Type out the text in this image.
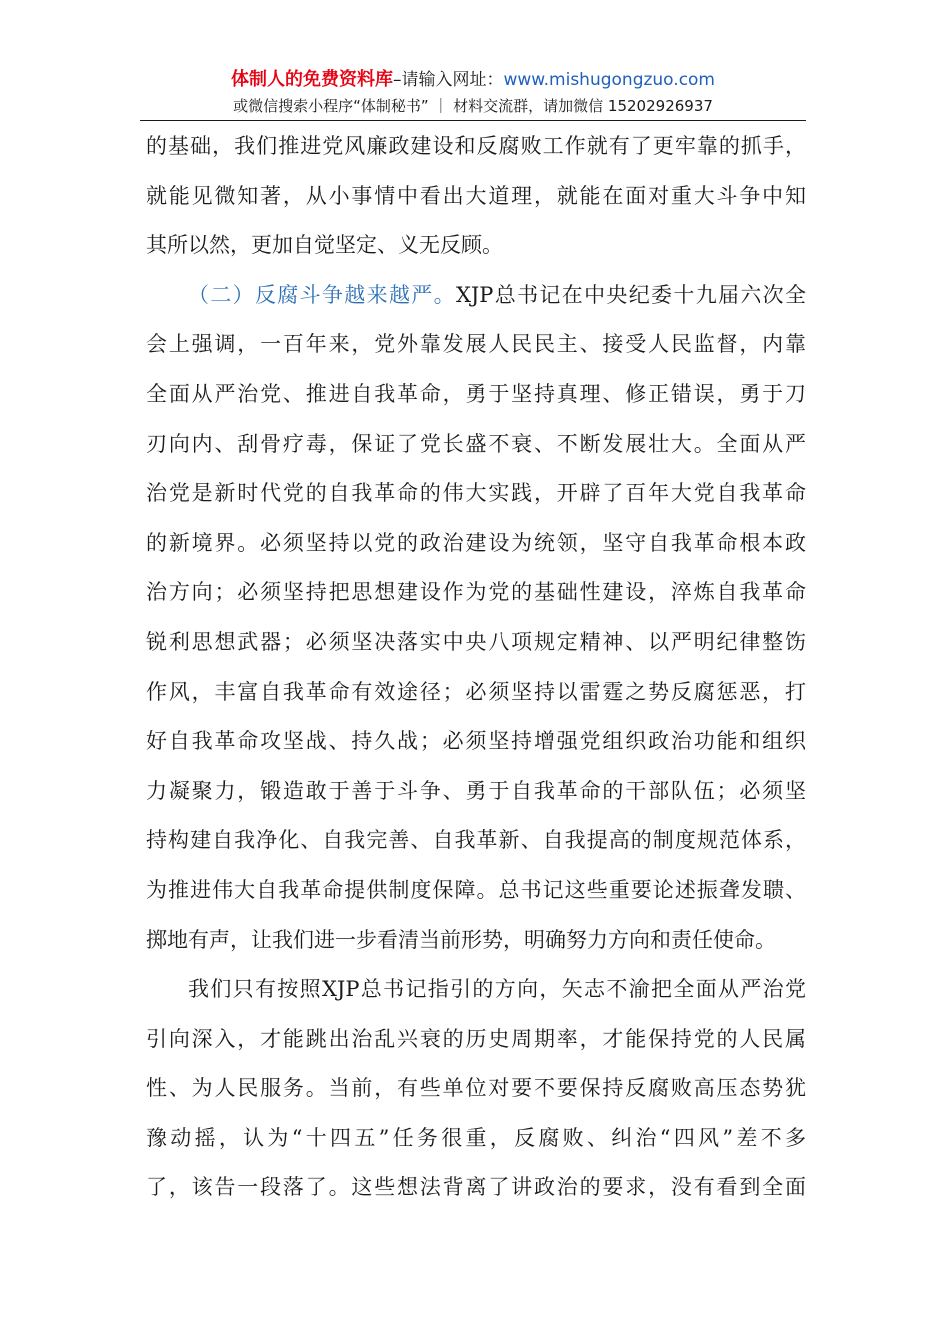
体制人的免费资料库–请输入网址：www.mishugongzuo.com
或微信搜索小程序“体制秘书” ｜ 材料交流群，请加微信 15202926937
的基础，我们推进党风廉政建设和反腐败工作就有了更牢靠的抓手，
就能见微知著，从小事情中看出大道理，就能在面对重大斗争中知
其所以然，更加自觉坚定、义无反顾。
（二）反腐斗争越来越严。XJP总书记在中央纪委十九届六次全
会上强调，一百年来，党外靠发展人民民主、接受人民监督，内靠
全面从严治党、推进自我革命，勇于坚持真理、修正错误，勇于刀
刃向内、刮骨疗毒，保证了党长盛不衰、不断发展壮大。全面从严
治党是新时代党的自我革命的伟大实践，开辟了百年大党自我革命
的新境界。必须坚持以党的政治建设为统领，坚守自我革命根本政
治方向；必须坚持把思想建设作为党的基础性建设，淬炼自我革命
锐利思想武器；必须坚决落实中央八项规定精神、以严明纪律整饬
作风，丰富自我革命有效途径；必须坚持以雷霆之势反腐惩恶，打
好自我革命攻坚战、持久战；必须坚持增强党组织政治功能和组织
力凝聚力，锻造敢于善于斗争、勇于自我革命的干部队伍；必须坚
持构建自我净化、自我完善、自我革新、自我提高的制度规范体系，
为推进伟大自我革命提供制度保障。总书记这些重要论述振聋发聩、
掷地有声，让我们进一步看清当前形势，明确努力方向和责任使命。
我们只有按照XJP总书记指引的方向，矢志不渝把全面从严治党
引向深入，才能跳出治乱兴衰的历史周期率，才能保持党的人民属
性、为人民服务。当前，有些单位对要不要保持反腐败高压态势犹
豫动摇，认为“十四五”任务很重，反腐败、纠治“四风”差不多
了，该告一段落了。这些想法背离了讲政治的要求，没有看到全面
